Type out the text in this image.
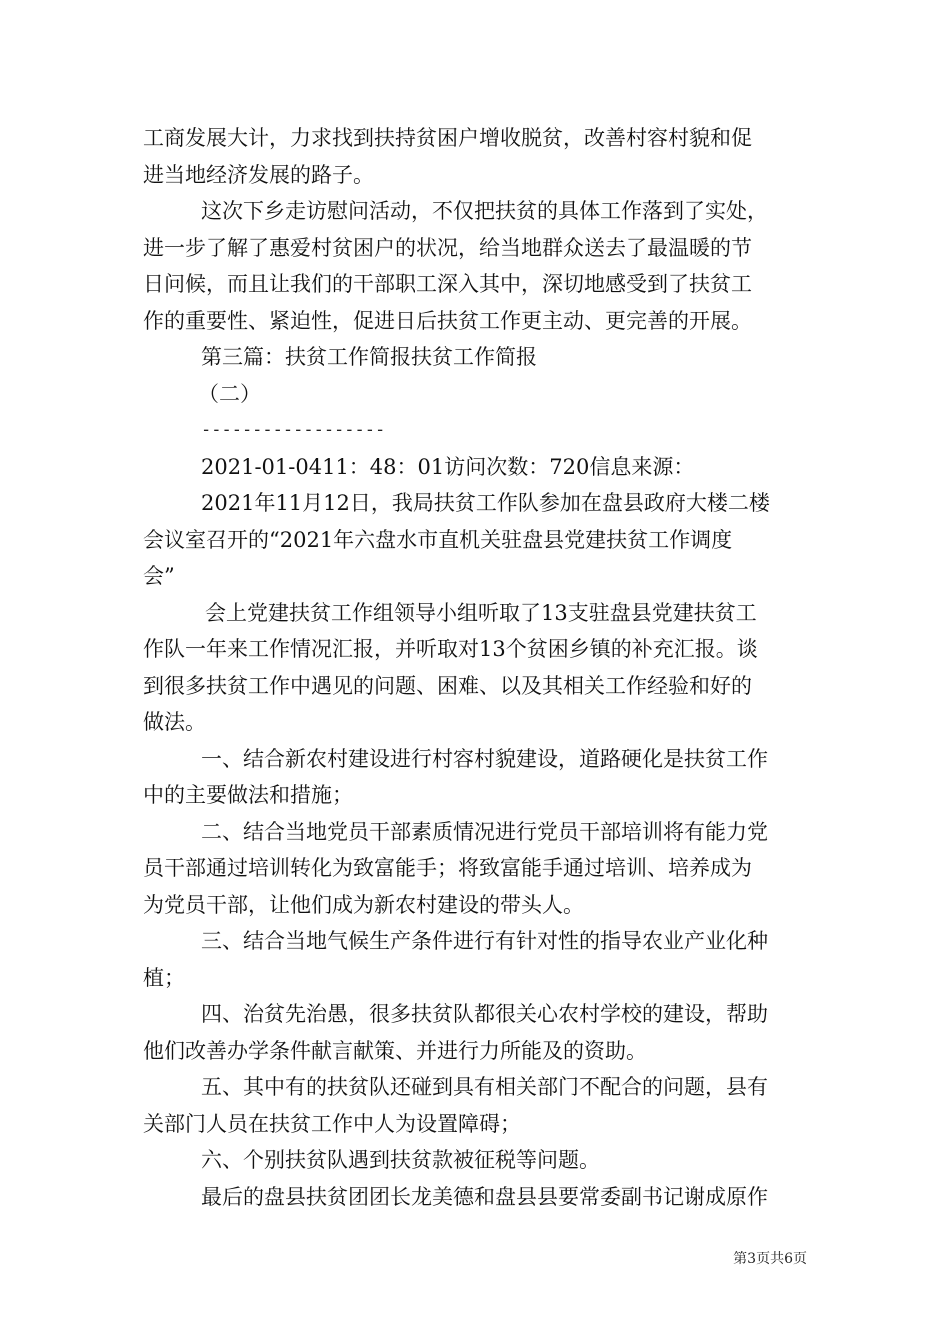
工商发展大计，力求找到扶持贫困户增收脱贫，改善村容村貌和促
进当地经济发展的路子。
这次下乡走访慰问活动，不仅把扶贫的具体工作落到了实处，
进一步了解了惠爱村贫困户的状况，给当地群众送去了最温暖的节
日问候，而且让我们的干部职工深入其中，深切地感受到了扶贫工
作的重要性、紧迫性，促进日后扶贫工作更主动、更完善的开展。
第三篇：扶贫工作简报扶贫工作简报
（二）
------------------
2021-01-0411：48：01访问次数：720信息来源：
2021年11月12日，我局扶贫工作队参加在盘县政府大楼二楼
会议室召开的“2021年六盘水市直机关驻盘县党建扶贫工作调度
会”
会上党建扶贫工作组领导小组听取了13支驻盘县党建扶贫工
作队一年来工作情况汇报，并听取对13个贫困乡镇的补充汇报。谈
到很多扶贫工作中遇见的问题、困难、以及其相关工作经验和好的
做法。
一、结合新农村建设进行村容村貌建设，道路硬化是扶贫工作
中的主要做法和措施；
二、结合当地党员干部素质情况进行党员干部培训将有能力党
员干部通过培训转化为致富能手；将致富能手通过培训、培养成为
为党员干部，让他们成为新农村建设的带头人。
三、结合当地气候生产条件进行有针对性的指导农业产业化种
植；
四、治贫先治愚，很多扶贫队都很关心农村学校的建设，帮助
他们改善办学条件献言献策、并进行力所能及的资助。
五、其中有的扶贫队还碰到具有相关部门不配合的问题，县有
关部门人员在扶贫工作中人为设置障碍；
六、个别扶贫队遇到扶贫款被征税等问题。
最后的盘县扶贫团团长龙美德和盘县县要常委副书记谢成原作
第3页共6页
